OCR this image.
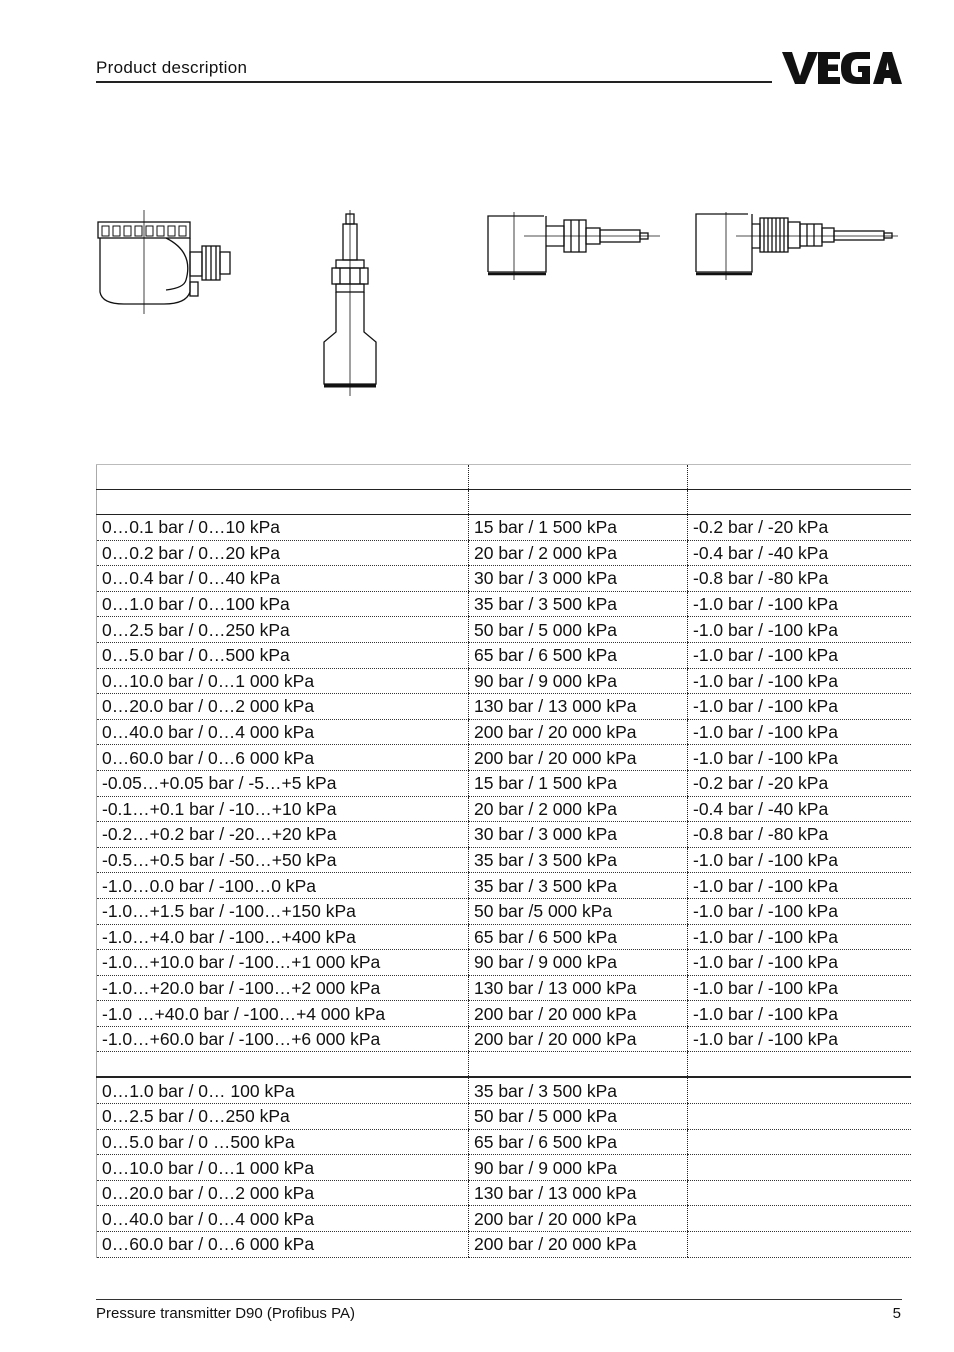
Product description

0…0.1 bar / 0…10 kPa	15 bar / 1 500 kPa	-0.2 bar / -20 kPa
0…0.2 bar / 0…20 kPa	20 bar / 2 000 kPa	-0.4 bar / -40 kPa
0…0.4 bar / 0…40 kPa	30 bar / 3 000 kPa	-0.8 bar / -80 kPa
0…1.0 bar / 0…100 kPa	35 bar / 3 500 kPa	-1.0 bar / -100 kPa
0…2.5 bar / 0…250 kPa	50 bar / 5 000 kPa	-1.0 bar / -100 kPa
0…5.0 bar / 0…500 kPa	65 bar / 6 500 kPa	-1.0 bar / -100 kPa
0…10.0 bar / 0…1 000 kPa	90 bar / 9 000 kPa	-1.0 bar / -100 kPa
0…20.0 bar / 0…2 000 kPa	130 bar / 13 000 kPa	-1.0 bar / -100 kPa
0…40.0 bar / 0…4 000 kPa	200 bar / 20 000 kPa	-1.0 bar / -100 kPa
0…60.0 bar / 0…6 000 kPa	200 bar / 20 000 kPa	-1.0 bar / -100 kPa
-0.05…+0.05 bar / -5…+5 kPa	15 bar / 1 500 kPa	-0.2 bar / -20 kPa
-0.1…+0.1 bar / -10…+10 kPa	20 bar / 2 000 kPa	-0.4 bar / -40 kPa
-0.2…+0.2 bar / -20…+20 kPa	30 bar / 3 000 kPa	-0.8 bar / -80 kPa
-0.5…+0.5 bar / -50…+50 kPa	35 bar / 3 500 kPa	-1.0 bar / -100 kPa
-1.0…0.0 bar / -100…0 kPa	35 bar / 3 500 kPa	-1.0 bar / -100 kPa
-1.0…+1.5 bar / -100…+150 kPa	50 bar /5 000 kPa	-1.0 bar / -100 kPa
-1.0…+4.0 bar / -100…+400 kPa	65 bar / 6 500 kPa	-1.0 bar / -100 kPa
-1.0…+10.0 bar / -100…+1 000 kPa	90 bar / 9 000 kPa	-1.0 bar / -100 kPa
-1.0…+20.0 bar / -100…+2 000 kPa	130 bar / 13 000 kPa	-1.0 bar / -100 kPa
-1.0 …+40.0 bar / -100…+4 000 kPa	200 bar / 20 000 kPa	-1.0 bar / -100 kPa
-1.0…+60.0 bar / -100…+6 000 kPa	200 bar / 20 000 kPa	-1.0 bar / -100 kPa

0…1.0 bar / 0… 100 kPa	35 bar / 3 500 kPa	
0…2.5 bar / 0…250 kPa	50 bar / 5 000 kPa	
0…5.0 bar / 0 …500 kPa	65 bar / 6 500 kPa	
0…10.0 bar / 0…1 000 kPa	90 bar / 9 000 kPa	
0…20.0 bar / 0…2 000 kPa	130 bar / 13 000 kPa	
0…40.0 bar / 0…4 000 kPa	200 bar / 20 000 kPa	
0…60.0 bar / 0…6 000 kPa	200 bar / 20 000 kPa	
Pressure transmitter D90 (Profibus PA)	5
